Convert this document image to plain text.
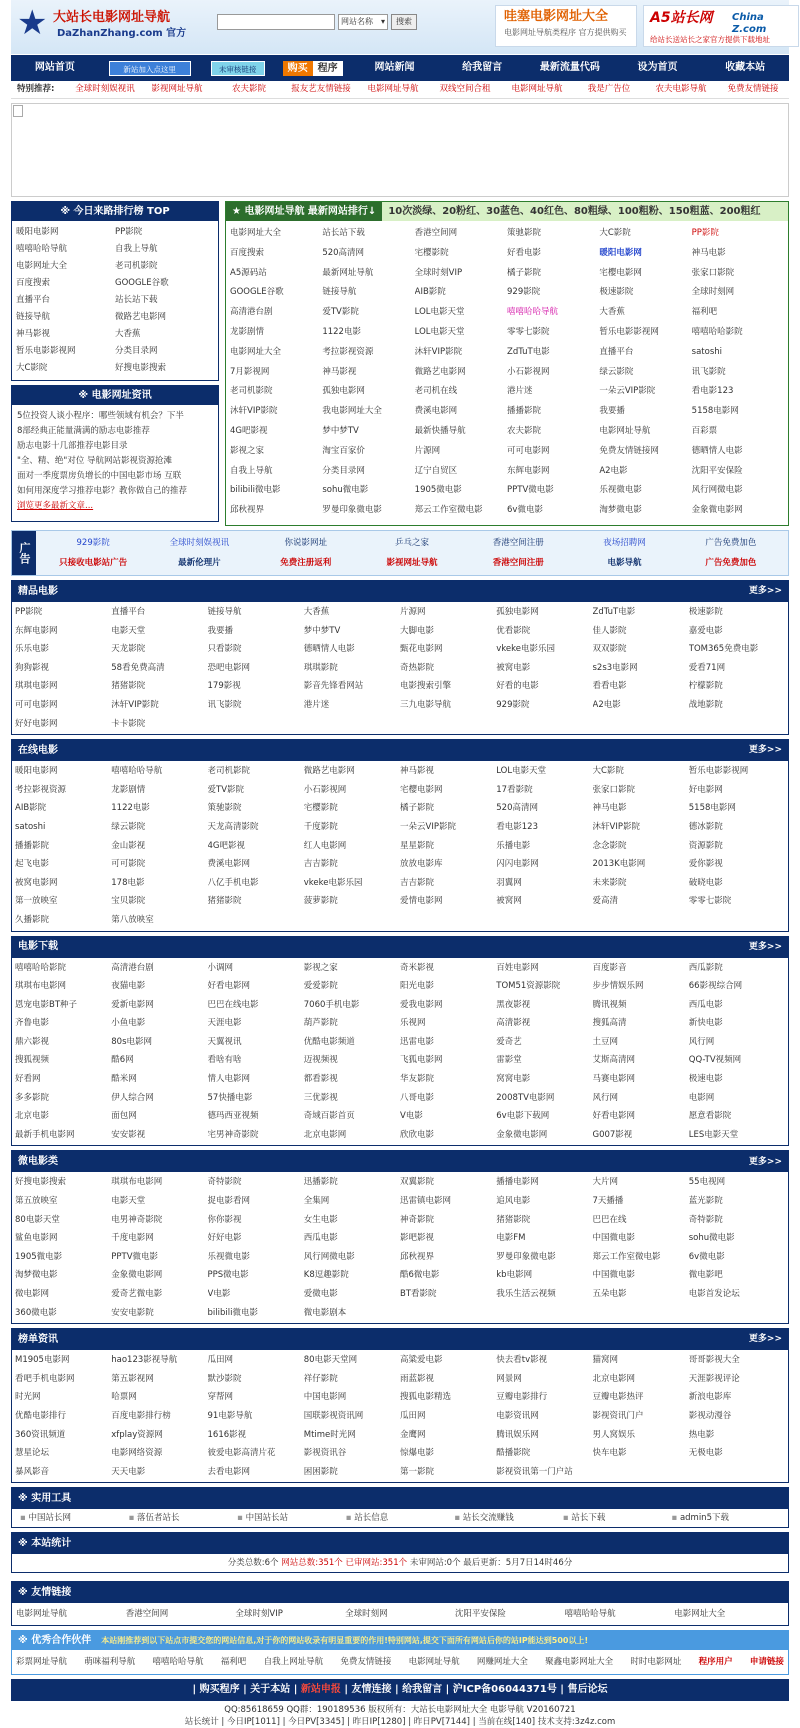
★ 大站长电影网址导航
DaZhanZhang.com 官方
网站名称 ▾	搜索	哇塞电影网址大全
电影网址导航类程序 官方提供购买
A5站长网 China Z.com
给站长送站长之家官方提供下载地址
网站首页	新站加入点这里	未审核链接	购买	程序	网站新闻	给我留言	最新流量代码	设为首页	收藏本站
特别推荐:	全球时刻娱视讯	影视网址导航	农夫影院	报友艺友情链接	电影网址导航	双线空间合租	电影网址导航	我是广告位	农夫电影导航	免费友情链接
※ 今日来路排行榜 TOP
暖阳电影网	PP影院
嘻嘻哈哈导航	自我上导航
电影网址大全	老司机影院
百度搜索	GOOGLE谷歌
直播平台	站长站下载
链接导航	微路艺电影网
神马影视	大香蕉
暂乐电影影视网	分类目录网
大C影院	好搜电影搜索
※ 电影网址资讯
5位投资人谈小程序：哪些领域有机会？下半
8部经典正能量满满的励志电影推荐
励志电影十几部推荐电影目录
"全、精、绝"对位 导航网站影视资源抢滩
面对一季度票房负增长的中国电影市场 互联
如何用深度学习推荐电影？教你做自己的推荐
浏览更多最新文章...
★ 电影网址导航 最新网站排行↓	10次淡绿、20粉红、30蓝色、40红色、80粗绿、100粗粉、150粗蓝、200粗红
电影网址大全	站长站下载	香港空间网	策驰影院	大C影院	PP影院
百度搜索	520高清网	宅樱影院	好看电影	暖阳电影网	神马电影
A5源码站	最新网址导航	全球时刻VIP	橘子影院	宅樱电影网	张家口影院
GOOGLE谷歌	链接导航	AIB影院	929影院	极速影院	全球时刻网
高清港台剧	爱TV影院	LOL电影天堂	嘻嘻哈哈导航	大香蕉	福利吧
龙影剧情	1122电影	LOL电影天堂	零零七影院	暂乐电影影视网	嘻嘻哈哈影院
电影网址大全	考拉影视资源	沐轩VIP影院	ZdTuT电影	直播平台	satoshi
7月影视网	神马影视	微路艺电影网	小石影视网	绿云影院	讯飞影院
老司机影院	孤独电影网	老司机在线	港片迷	一朵云VIP影院	看电影123
沐轩VIP影院	我电影网址大全	费溪电影网	播播影院	我要播	5158电影网
4G吧影视	梦中梦TV	最新快播导航	农夫影院	电影网址导航	百彩票
影视之家	淘宝百家价	片源网	可可电影网	免费友情链接网	德晒情人电影
自我上导航	分类目录网	辽宁自贸区	东辉电影网	A2电影	沈阳平安保险
bilibili微电影	sohu微电影	1905微电影	PPTV微电影	乐视微电影	风行网微电影
邱秋视界	罗曼印象微电影	郑云工作室微电影	6v微电影	淘梦微电影	金象微电影网
广告	929影院	全球时刻娱视讯	你说影网址	乒乓之家	香港空间注册	夜场招聘网	广告免费加色
只接收电影站广告	最新伦理片	免费注册返利	影视网址导航	香港空间注册	电影导航	广告免费加色
精品电影	更多>>
PP影院	直播平台	链接导航	大香蕉	片源网	孤独电影网	ZdTuT电影	极速影院
东辉电影网	电影天堂	我要播	梦中梦TV	大脚电影	优看影院	佳人影院	嘉爱电影
乐乐电影	天龙影院	只看影院	德晒情人电影	甄花电影网	vkeke电影乐园	双双影院	TOM365免费电影
狗狗影视	58看免费高清	恐吧电影网	琪琪影院	奇热影院	被窝电影	s2s3电影网	爱看71网
琪琪电影网	猪猪影院	179影视	影音先锋看网站	电影搜索引擎	好看的电影	看看电影	柠檬影院
可可电影网	沐轩VIP影院	讯飞影院	港片迷	三九电影导航	929影院	A2电影	战地影院
好好电影网	卡卡影院
在线电影	更多>>
暖阳电影网	嘻嘻哈哈导航	老司机影院	微路艺电影网	神马影视	LOL电影天堂	大C影院	暂乐电影影视网
考拉影视资源	龙影剧情	爱TV影院	小石影视网	宅樱电影网	17看影院	张家口影院	好电影网
AIB影院	1122电影	策驰影院	宅樱影院	橘子影院	520高清网	神马电影	5158电影网
satoshi	绿云影院	天龙高清影院	千度影院	一朵云VIP影院	看电影123	沐轩VIP影院	德冰影院
播播影院	金山影视	4G吧影视	红人电影网	星星影院	乐播电影	念念影院	资源影院
起飞电影	可可影院	费溪电影网	吉吉影院	放放电影库	闪闪电影网	2013K电影网	爱你影视
被窝电影网	178电影	八亿手机电影	vkeke电影乐园	吉吉影院	羽翼网	未来影院	破晓电影
第一放映室	宝贝影院	猪猪影院	菠萝影院	爱情电影网	被窝网	爱高清	零零七影院
久播影院	第八放映室
电影下载	更多>>
嘻嘻哈哈影院	高清港台剧	小调网	影视之家	奇米影视	百姓电影网	百度影音	西瓜影院
琪琪布电影网	夜猫电影	好看电影网	爱爱影院	阳光电影	TOM51资源影院	步步情娱乐网	66影视综合网
恩宠电影BT种子	爱新电影网	巴巴在线电影	7060手机电影	爱我电影网	黑夜影视	腾讯视频	西瓜电影
齐鲁电影	小鱼电影	天涯电影	葫芦影院	乐视网	高清影视	搜狐高清	新快电影
鼎六影视	80s电影网	天翼视讯	优酷电影频道	迅雷电影	爱奇艺	土豆网	风行网
搜狐视频	酷6网	看啥有啥	迈视频视	飞狐电影网	雷影堂	艾斯高清网	QQ-TV视频网
好看网	酷米网	情人电影网	都看影视	华友影院	窝窝电影	马赛电影网	极速电影
多多影院	伊人综合网	57快播电影	三优影视	八哥电影	2008TV电影网	风行网	电影网
北京电影	面包网	德玛西亚视频	奇域百影首页	V电影	6v电影下载网	好看电影网	愿意看影院
最新手机电影网	安安影视	宅男神奇影院	北京电影网	欣欣电影	金象微电影网	G007影视	LES电影天堂
微电影类	更多>>
好搜电影搜索	琪琪布电影网	奇特影院	迅播影院	双翼影院	播播电影网	大片网	55电视网
第五放映室	电影天堂	捉电影看网	全集网	迅雷镇电影网	追风电影	7天播播	蓝光影院
80电影天堂	电男神奇影院	你你影视	女生电影	神奇影院	猪猪影院	巴巴在线	奇特影院
鲨鱼电影网	千度电影网	好好电影	西瓜电影	影吧影视	电影FM	中国微电影	sohu微电影
1905微电影	PPTV微电影	乐视微电影	风行网微电影	邱秋视界	罗曼印象微电影	郑云工作室微电影	6v微电影
淘梦微电影	金象微电影网	PPS微电影	K8逗趣影院	酷6微电影	kb电影网	中国微电影	微电影吧
微电影网	爱奇艺微电影	V电影	爱微电影	BT看影院	我乐生活云视频	五朵电影	电影首发论坛
360微电影	安安电影院	bilibili微电影	微电影剧本
榜单资讯	更多>>
M1905电影网	hao123影视导航	瓜田网	80电影天堂网	高粱爱电影	快去看tv影视	猫窝网	哥哥影视大全
看吧手机电影网	第五影视网	默沙影院	祥仔影院	雨蓝影视	网景网	北京电影网	天涯影视评论
时光网	哈票网	穿帮网	中国电影网	搜狐电影精选	豆瓣电影排行	豆瓣电影热评	新浪电影库
优酷电影排行	百度电影排行榜	91电影导航	国联影视资讯网	瓜田网	电影资讯网	影视资讯门户	影视动漫谷
360资讯频道	xfplay资源网	1616影视	Mtime时光网	金鹰网	腾讯娱乐网	男人窝娱乐	热电影
慧星论坛	电影网络资源	彼爱电影高清片花	影视资讯谷	惊爆电影	酷播影院	快车电影	无极电影
暴风影音	天天电影	去看电影网	困困影院	第一影院	影视资讯第一门户站
※ 实用工具
▪ 中国站长网	▪ 落伍者站长	▪ 中国站长站	▪ 站长信息	▪ 站长交流赚钱	▪ 站长下载	▪ admin5下载
※ 本站统计
分类总数:6个 网站总数:351个 已审网站:351个 未审网站:0个 最后更新：5月7日14时46分
※ 友情链接
电影网址导航	香港空间网	全球时刻VIP	全球时刻网	沈阳平安保险	嘻嘻哈哈导航	电影网址大全
※ 优秀合作伙伴 本站刚推荐到以下站点市提交您的网站信息,对于你的网站收录有明显重要的作用!特别网站,提交下面所有网站后你的站IP能达到500以上!
彩票网址导航 萌咪福利导航 嘻嘻哈哈导航 福利吧 自我上网址导航 免费友情链接 电影网址导航 网赚网址大全 聚鑫电影网址大全 时时电影网址 程序用户 申请链接
| 购买程序 | 关于本站 | 新站申报 | 友情连接 | 给我留言 | 沪ICP备06044371号 | 售后论坛
QQ:85618659 QQ群：190189536 版权所有：大站长电影网址大全 电影导航 V20160721
站长统计 | 今日IP[1011] | 今日PV[3345] | 昨日IP[1280] | 昨日PV[7144] | 当前在线[140] 技术支持:3z4z.com
